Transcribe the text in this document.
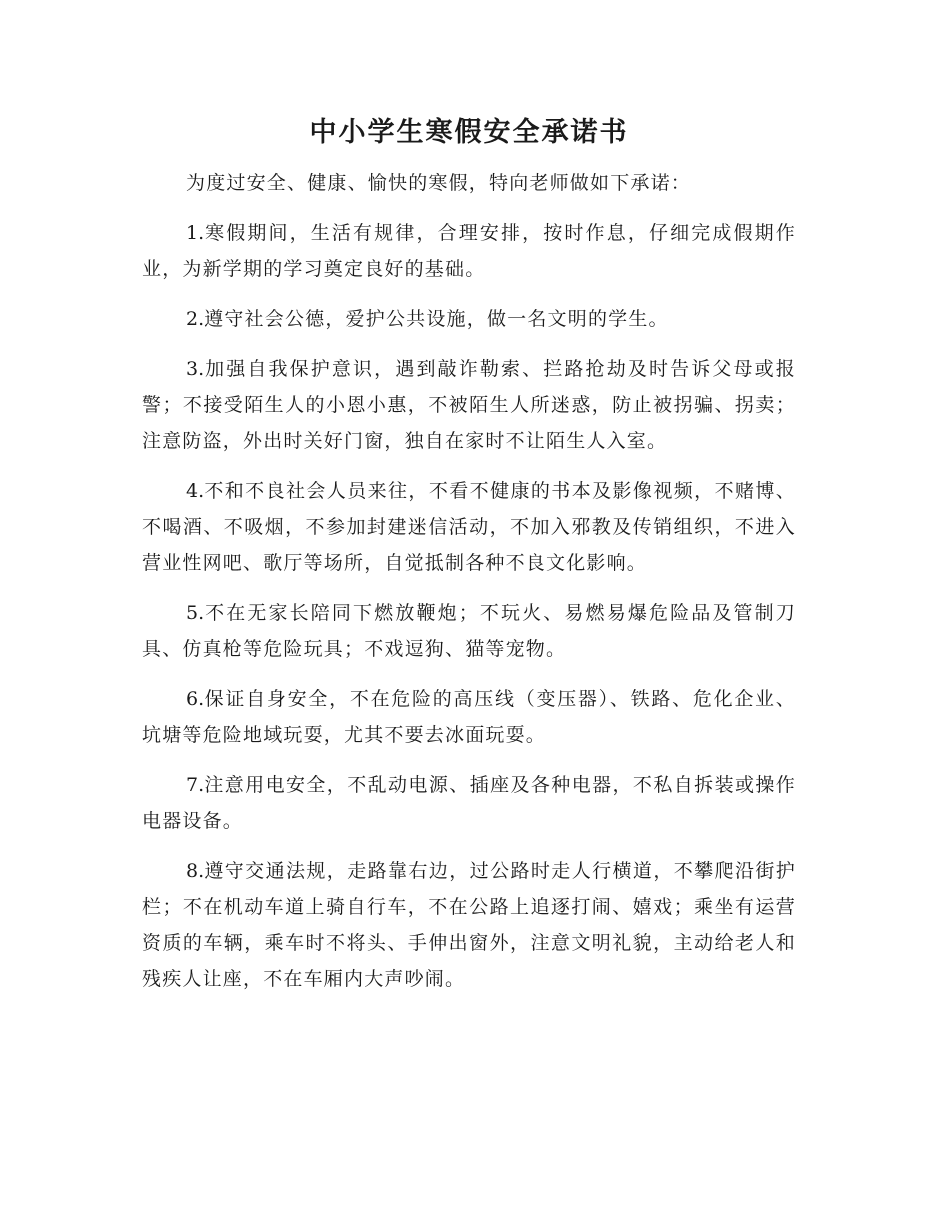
中小学生寒假安全承诺书

为度过安全、健康、愉快的寒假，特向老师做如下承诺：

1.寒假期间，生活有规律，合理安排，按时作息，仔细完成假期作业，为新学期的学习奠定良好的基础。

2.遵守社会公德，爱护公共设施，做一名文明的学生。

3.加强自我保护意识，遇到敲诈勒索、拦路抢劫及时告诉父母或报警；不接受陌生人的小恩小惠，不被陌生人所迷惑，防止被拐骗、拐卖；注意防盗，外出时关好门窗，独自在家时不让陌生人入室。

4.不和不良社会人员来往，不看不健康的书本及影像视频，不赌博、不喝酒、不吸烟，不参加封建迷信活动，不加入邪教及传销组织，不进入营业性网吧、歌厅等场所，自觉抵制各种不良文化影响。

5.不在无家长陪同下燃放鞭炮；不玩火、易燃易爆危险品及管制刀具、仿真枪等危险玩具；不戏逗狗、猫等宠物。

6.保证自身安全，不在危险的高压线（变压器）、铁路、危化企业、坑塘等危险地域玩耍，尤其不要去冰面玩耍。

7.注意用电安全，不乱动电源、插座及各种电器，不私自拆装或操作电器设备。

8.遵守交通法规，走路靠右边，过公路时走人行横道，不攀爬沿街护栏；不在机动车道上骑自行车，不在公路上追逐打闹、嬉戏；乘坐有运营资质的车辆，乘车时不将头、手伸出窗外，注意文明礼貌，主动给老人和残疾人让座，不在车厢内大声吵闹。
